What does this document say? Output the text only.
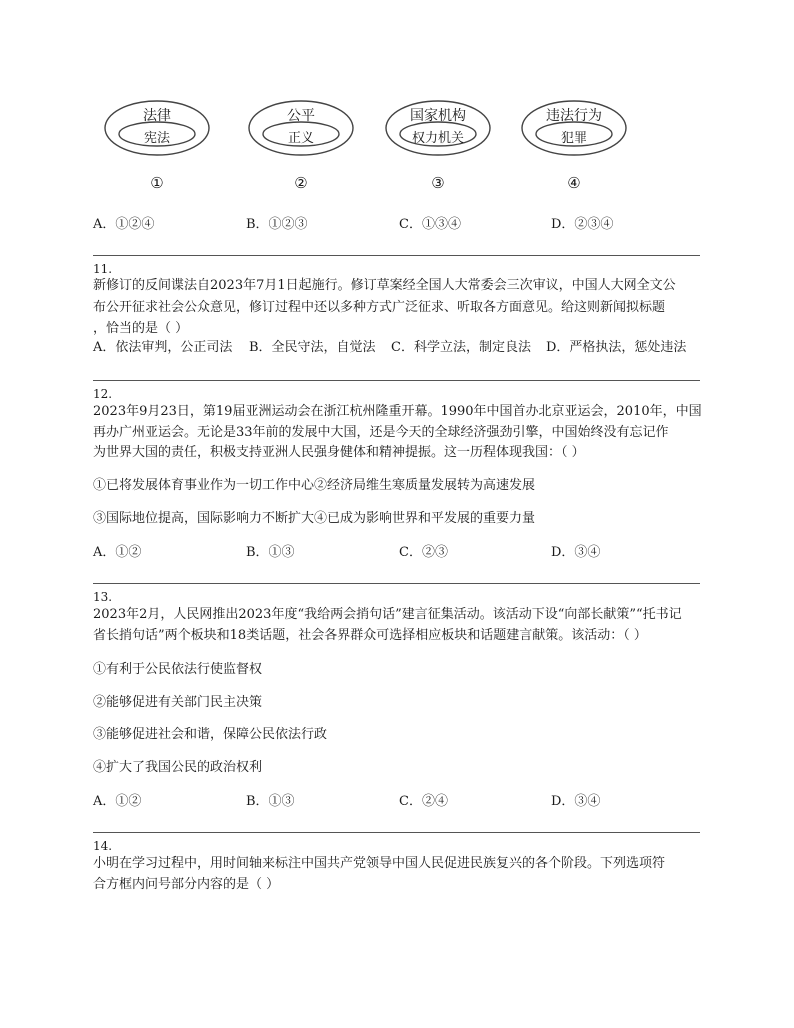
法律
宪法
①
公平
正义
②
国家机构
权力机关
③
违法行为
犯罪
④
A．①②④	B．①②③	C．①③④	D．②③④
11.
新修订的反间谍法自2023年7月1日起施行。修订草案经全国人大常委会三次审议，中国人大网全文公
布公开征求社会公众意见，修订过程中还以多种方式广泛征求、听取各方面意见。给这则新闻拟标题
，恰当的是（ ）
A．依法审判，公正司法 B．全民守法，自觉法 C．科学立法，制定良法 D．严格执法，惩处违法
12.
2023年9月23日，第19届亚洲运动会在浙江杭州隆重开幕。1990年中国首办北京亚运会，2010年，中国
再办广州亚运会。无论是33年前的发展中大国，还是今天的全球经济强劲引擎，中国始终没有忘记作
为世界大国的责任，积极支持亚洲人民强身健体和精神提振。这一历程体现我国：（ ）
①已将发展体育事业作为一切工作中心②经济局维生寒质量发展转为高速发展
③国际地位提高，国际影响力不断扩大④已成为影响世界和平发展的重要力量
A．①②	B．①③	C．②③	D．③④
13.
2023年2月，人民网推出2023年度“我给两会捎句话”建言征集活动。该活动下设“向部长献策”“托书记
省长捎句话”两个板块和18类话题，社会各界群众可选择相应板块和话题建言献策。该活动：（ ）
①有利于公民依法行使监督权
②能够促进有关部门民主决策
③能够促进社会和谐，保障公民依法行政
④扩大了我国公民的政治权利
A．①②	B．①③	C．②④	D．③④
14.
小明在学习过程中，用时间轴来标注中国共产党领导中国人民促进民族复兴的各个阶段。下列选项符
合方框内问号部分内容的是（ ）
